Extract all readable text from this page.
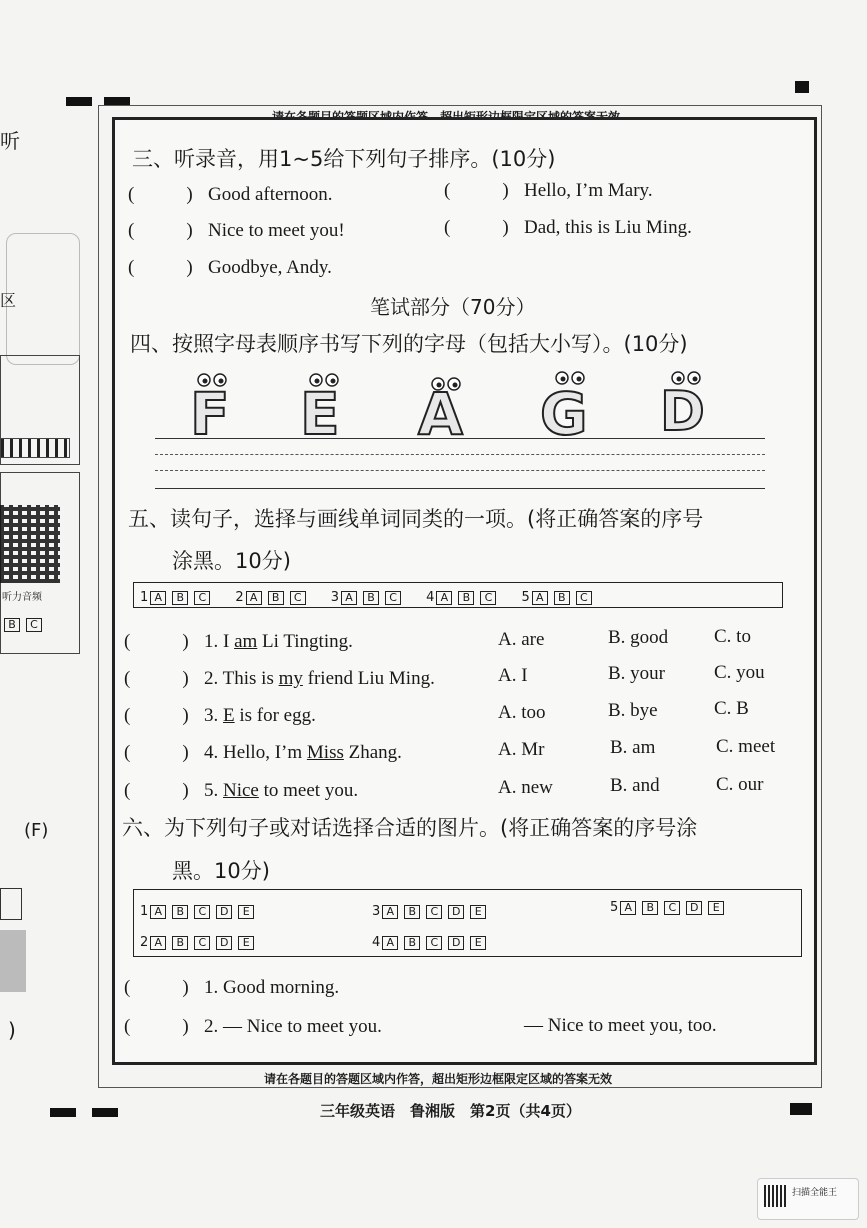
听
区
听力音频
B C
(F)
)
三、听录音，用1~5给下列句子排序。(10分)
(	) Good afternoon.	(	) Hello, I’m Mary.
(	) Nice to meet you!	(	) Dad, this is Liu Ming.
(	) Goodbye, Andy.
笔试部分（70分）
四、按照字母表顺序书写下列的字母（包括大小写）。(10分)
F E A G D
五、读句子，选择与画线单词同类的一项。(将正确答案的序号
涂黑。10分)
1 A B C 2 A B C 3 A B C 4 A B C 5 A B C
(	) 1. I am Li Tingting.	A. are	B. good C. to
(	) 2. This is my friend Liu Ming.	A. I	B. your	C. you
(	) 3. E is for egg.	A. too	B. bye	C. B
(	) 4. Hello, I’m Miss Zhang.	A. Mr	B. am	C. meet
(	) 5. Nice to meet you.	A. new	B. and	C. our
六、为下列句子或对话选择合适的图片。(将正确答案的序号涂
黑。10分)
1 A B C D E	3 A B C D E	5 A B C D E
2 A B C D E	4 A B C D E
(	) 1. Good morning.
(	) 2. — Nice to meet you.	— Nice to meet you, too.
请在各题目的答题区域内作答，超出矩形边框限定区域的答案无效
三年级英语　鲁湘版　第2页（共4页）
扫描全能王
